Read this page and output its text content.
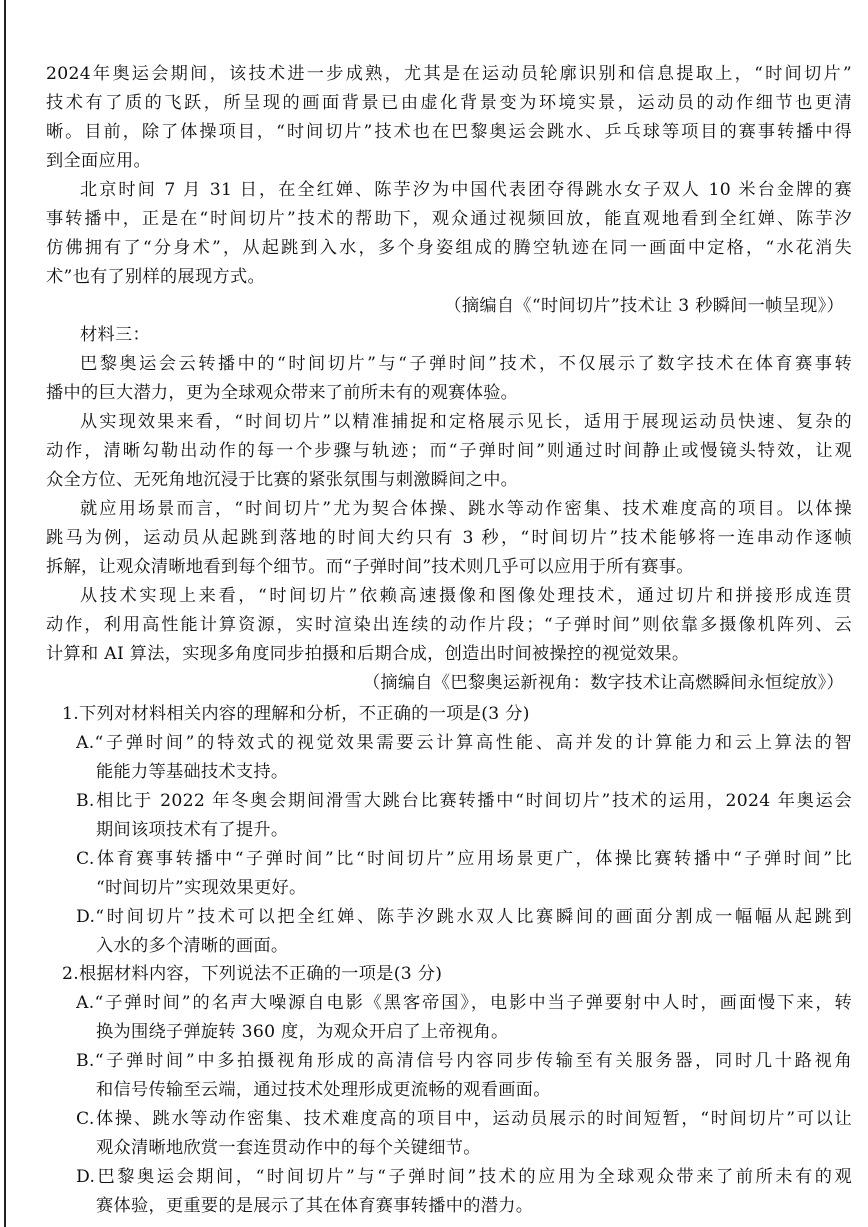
2024年奥运会期间，该技术进一步成熟，尤其是在运动员轮廓识别和信息提取上，“时间切片”
技术有了质的飞跃，所呈现的画面背景已由虚化背景变为环境实景，运动员的动作细节也更清
晰。目前，除了体操项目，“时间切片”技术也在巴黎奥运会跳水、乒乓球等项目的赛事转播中得
到全面应用。
北京时间 7 月 31 日，在全红婵、陈芋汐为中国代表团夺得跳水女子双人 10 米台金牌的赛
事转播中，正是在“时间切片”技术的帮助下，观众通过视频回放，能直观地看到全红婵、陈芋汐
仿佛拥有了“分身术”，从起跳到入水，多个身姿组成的腾空轨迹在同一画面中定格，“水花消失
术”也有了别样的展现方式。
（摘编自《“时间切片”技术让 3 秒瞬间一帧呈现》）
材料三：
巴黎奥运会云转播中的“时间切片”与“子弹时间”技术，不仅展示了数字技术在体育赛事转
播中的巨大潜力，更为全球观众带来了前所未有的观赛体验。
从实现效果来看，“时间切片”以精准捕捉和定格展示见长，适用于展现运动员快速、复杂的
动作，清晰勾勒出动作的每一个步骤与轨迹；而“子弹时间”则通过时间静止或慢镜头特效，让观
众全方位、无死角地沉浸于比赛的紧张氛围与刺激瞬间之中。
就应用场景而言，“时间切片”尤为契合体操、跳水等动作密集、技术难度高的项目。以体操
跳马为例，运动员从起跳到落地的时间大约只有 3 秒，“时间切片”技术能够将一连串动作逐帧
拆解，让观众清晰地看到每个细节。而“子弹时间”技术则几乎可以应用于所有赛事。
从技术实现上来看，“时间切片”依赖高速摄像和图像处理技术，通过切片和拼接形成连贯
动作，利用高性能计算资源，实时渲染出连续的动作片段；“子弹时间”则依靠多摄像机阵列、云
计算和 AI 算法，实现多角度同步拍摄和后期合成，创造出时间被操控的视觉效果。
（摘编自《巴黎奥运新视角：数字技术让高燃瞬间永恒绽放》）
1.下列对材料相关内容的理解和分析，不正确的一项是(3 分)
A.“子弹时间”的特效式的视觉效果需要云计算高性能、高并发的计算能力和云上算法的智
能能力等基础技术支持。
B.相比于 2022 年冬奥会期间滑雪大跳台比赛转播中“时间切片”技术的运用，2024 年奥运会
期间该项技术有了提升。
C.体育赛事转播中“子弹时间”比“时间切片”应用场景更广，体操比赛转播中“子弹时间”比
“时间切片”实现效果更好。
D.“时间切片”技术可以把全红婵、陈芋汐跳水双人比赛瞬间的画面分割成一幅幅从起跳到
入水的多个清晰的画面。
2.根据材料内容，下列说法不正确的一项是(3 分)
A.“子弹时间”的名声大噪源自电影《黑客帝国》，电影中当子弹要射中人时，画面慢下来，转
换为围绕子弹旋转 360 度，为观众开启了上帝视角。
B.“子弹时间”中多拍摄视角形成的高清信号内容同步传输至有关服务器，同时几十路视角
和信号传输至云端，通过技术处理形成更流畅的观看画面。
C.体操、跳水等动作密集、技术难度高的项目中，运动员展示的时间短暂，“时间切片”可以让
观众清晰地欣赏一套连贯动作中的每个关键细节。
D.巴黎奥运会期间，“时间切片”与“子弹时间”技术的应用为全球观众带来了前所未有的观
赛体验，更重要的是展示了其在体育赛事转播中的潜力。
